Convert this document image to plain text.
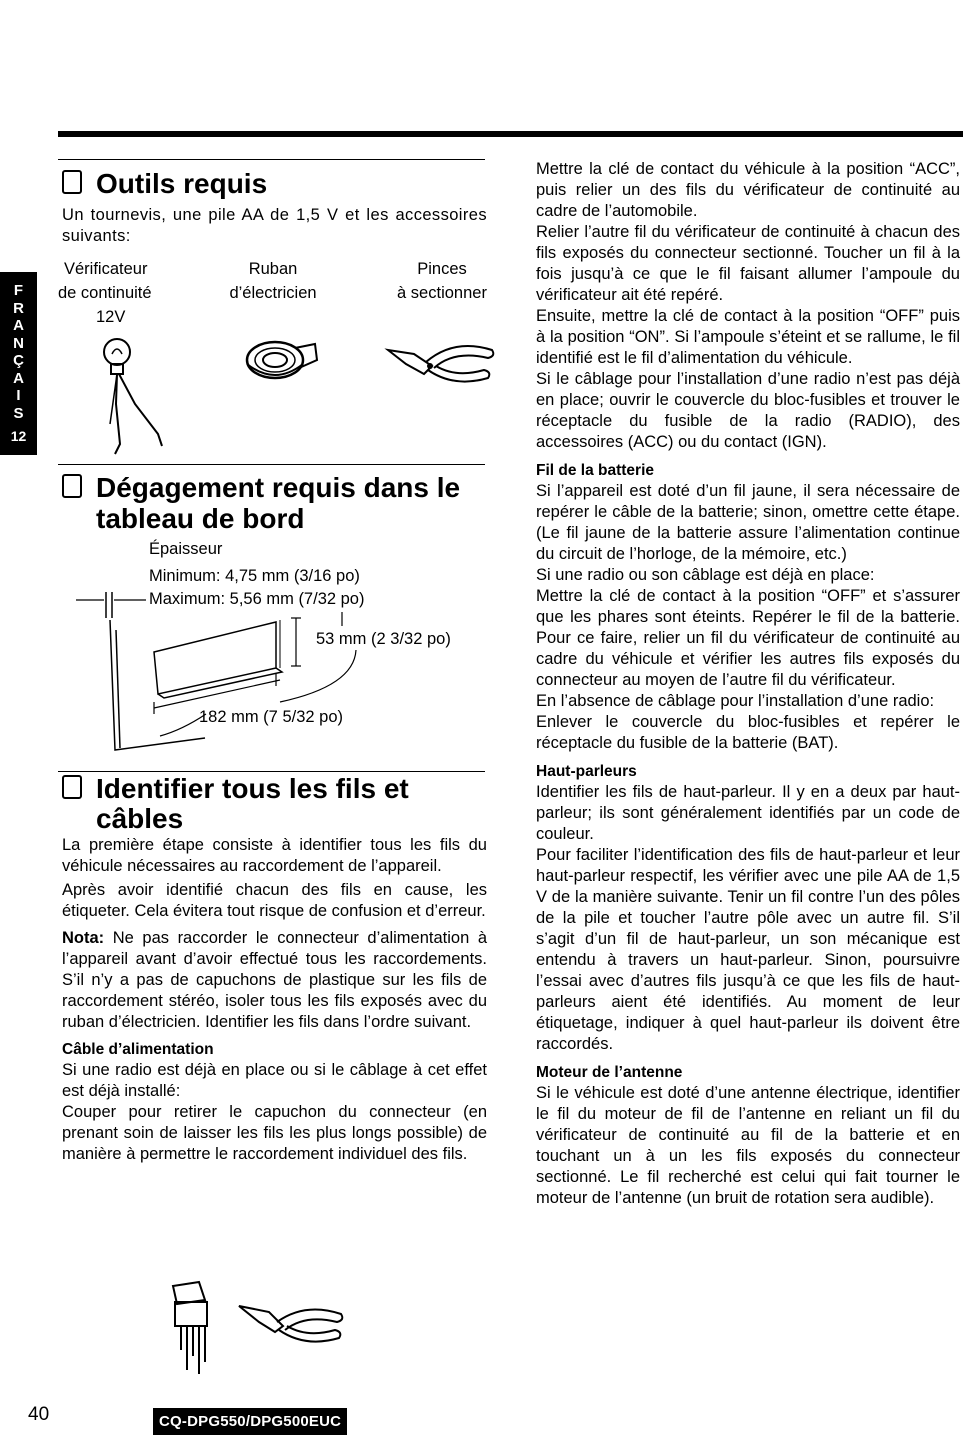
F
R
A
N
Ç
A
I
S
12
Outils requis

Un tournevis, une pile AA de 1,5 V et les accessoires suivants:

Vérificateur
de continuité
12V
Ruban
d’électricien
Pinces
à sectionner
Dégagement requis dans le
tableau de bord
Épaisseur
Minimum: 4,75 mm (3/16 po)
Maximum: 5,56 mm (7/32 po)
53 mm (2 3/32 po)
182 mm (7 5/32 po)
Identifier tous les fils et
câbles

La première étape consiste à identifier tous les fils du véhicule nécessaires au raccordement de l’appareil.

Après avoir identifié chacun des fils en cause, les étiqueter. Cela évitera tout risque de confusion et d’erreur.

Nota: Ne pas raccorder le connecteur d’alimentation à l’appareil avant d’avoir effectué tous les raccordements. S’il n’y a pas de capuchons de plastique sur les fils de raccordement stéréo, isoler tous les fils exposés avec du ruban d’électricien. Identifier les fils dans l’ordre suivant.

Câble d’alimentation

Si une radio est déjà en place ou si le câblage à cet effet est déjà installé:

Couper pour retirer le capuchon du connecteur (en prenant soin de laisser les fils les plus longs possible) de manière à permettre le raccordement individuel des fils.

Mettre la clé de contact du véhicule à la position “ACC”, puis relier un des fils du vérificateur de continuité au cadre de l’automobile.

Relier l’autre fil du vérificateur de continuité à chacun des fils exposés du connecteur sectionné. Toucher un fil à la fois jusqu’à ce que le fil faisant allumer l’ampoule du vérificateur ait été repéré.

Ensuite, mettre la clé de contact à la position “OFF” puis à la position “ON”. Si l’ampoule s’éteint et se rallume, le fil identifié est le fil d’alimentation du véhicule.

Si le câblage pour l’installation d’une radio n’est pas déjà en place; ouvrir le couvercle du bloc-fusibles et trouver le réceptacle du fusible de la radio (RADIO), des accessoires (ACC) ou du contact (IGN).

Fil de la batterie

Si l’appareil est doté d’un fil jaune, il sera nécessaire de repérer le câble de la batterie; sinon, omettre cette étape. (Le fil jaune de la batterie assure l’alimentation continue du circuit de l’horloge, de la mémoire, etc.)

Si une radio ou son câblage est déjà en place:

Mettre la clé de contact à la position “OFF” et s’assurer que les phares sont éteints. Repérer le fil de la batterie. Pour ce faire, relier un fil du vérificateur de continuité au cadre du véhicule et vérifier les autres fils exposés du connecteur au moyen de l’autre fil du vérificateur.

En l’absence de câblage pour l’installation d’une radio:

Enlever le couvercle du bloc-fusibles et repérer le réceptacle du fusible de la batterie (BAT).

Haut-parleurs

Identifier les fils de haut-parleur. Il y en a deux par haut-parleur; ils sont généralement identifiés par un code de couleur.

Pour faciliter l’identification des fils de haut-parleur et leur haut-parleur respectif, les vérifier avec une pile AA de 1,5 V de la manière suivante. Tenir un fil contre l’un des pôles de la pile et toucher l’autre pôle avec un autre fil. S’il s’agit d’un fil de haut-parleur, un son mécanique est entendu à travers un haut-parleur. Sinon, poursuivre l’essai avec d’autres fils jusqu’à ce que les fils de haut-parleurs aient été identifiés. Au moment de leur étiquetage, indiquer à quel haut-parleur ils doivent être raccordés.

Moteur de l’antenne

Si le véhicule est doté d’une antenne électrique, identifier le fil du moteur de fil de l’antenne en reliant un fil du vérificateur de continuité au fil de la batterie et en touchant un à un les fils exposés du connecteur sectionné. Le fil recherché est celui qui fait tourner le moteur de l’antenne (un bruit de rotation sera audible).

40	CQ-DPG550/DPG500EUC
